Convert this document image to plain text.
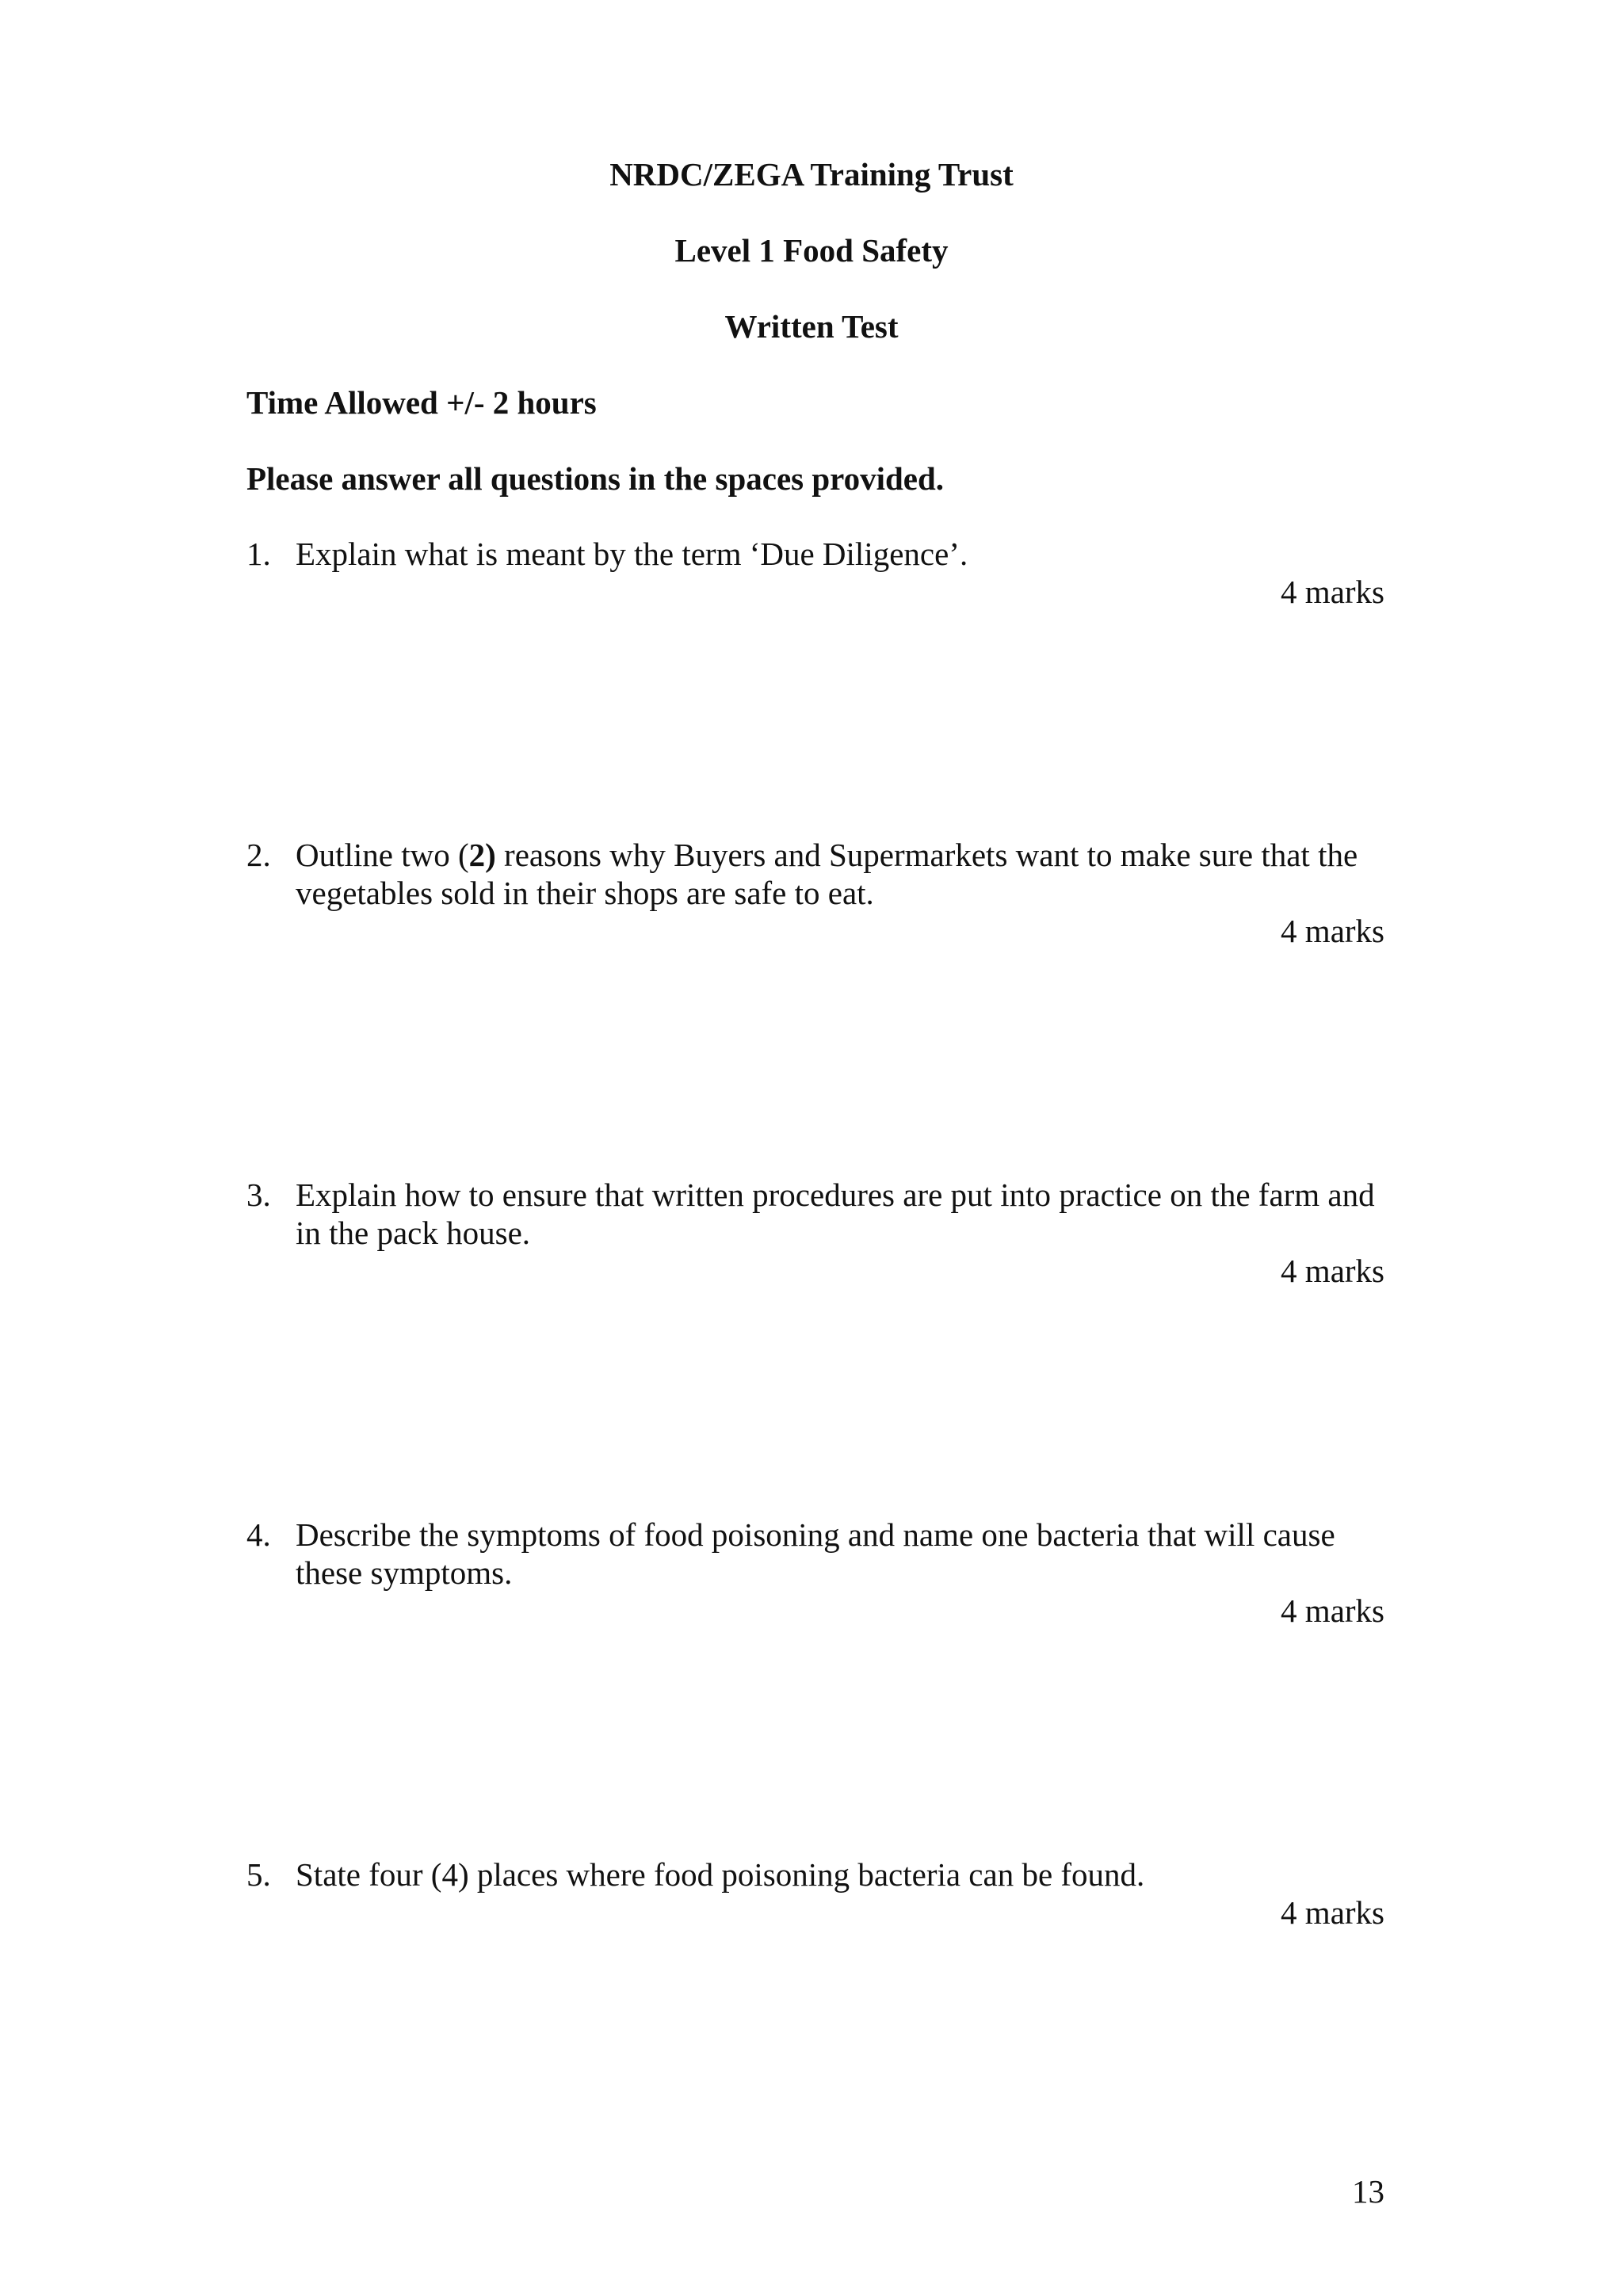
NRDC/ZEGA Training Trust
Level 1 Food Safety
Written Test
Time Allowed +/- 2 hours
Please answer all questions in the spaces provided.
1. Explain what is meant by the term ‘Due Diligence’.
4 marks
2. Outline two (2) reasons why Buyers and Supermarkets want to make sure that the vegetables sold in their shops are safe to eat.
4 marks
3. Explain how to ensure that written procedures are put into practice on the farm and in the pack house.
4 marks
4. Describe the symptoms of food poisoning and name one bacteria that will cause these symptoms.
4 marks
5. State four (4) places where food poisoning bacteria can be found.
4 marks
13
